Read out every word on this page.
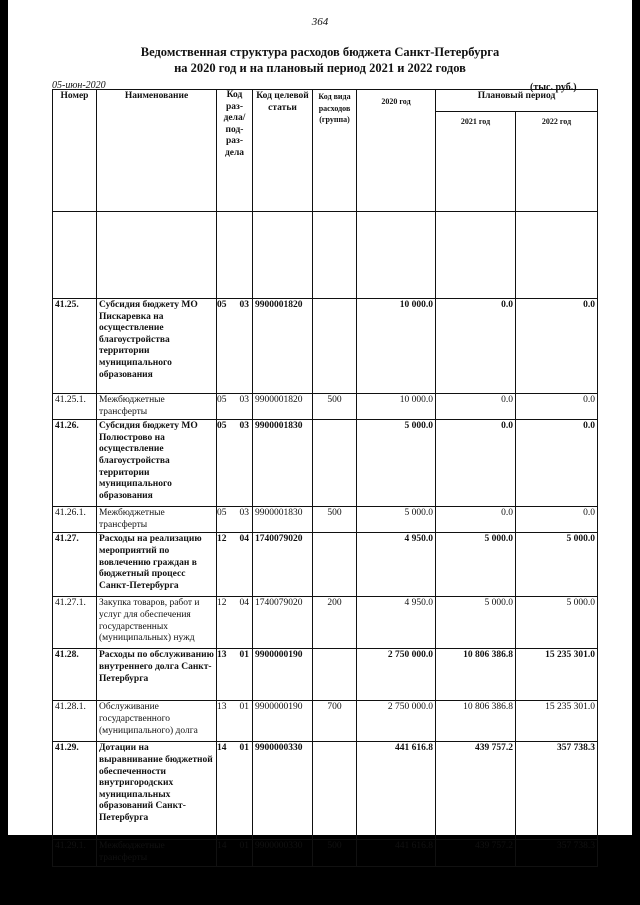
364
Ведомственная структура расходов бюджета Санкт-Петербурга
на 2020 год и на плановый период 2021 и 2022 годов
05-июн-2020	(тыс. руб.)
Номер	Наименование	Код раз- дела/ под- раз- дела	Код целевой статьи	Код вида расходов (группа)	2020 год	Плановый период	
						2021 год	2022 год

41.25.	Субсидия бюджету МО Пискаревка на осуществление благоустройства территории муниципального образования	05 03	9900001820		10 000.0	0.0	0.0
41.25.1.	Межбюджетные трансферты	05 03	9900001820	500	10 000.0	0.0	0.0
41.26.	Субсидия бюджету МО Полюстрово на осуществление благоустройства территории муниципального образования	05 03	9900001830		5 000.0	0.0	0.0
41.26.1.	Межбюджетные трансферты	05 03	9900001830	500	5 000.0	0.0	0.0
41.27.	Расходы на реализацию мероприятий по вовлечению граждан в бюджетный процесс Санкт-Петербурга	12 04	1740079020		4 950.0	5 000.0	5 000.0
41.27.1.	Закупка товаров, работ и услуг для обеспечения государственных (муниципальных) нужд	12 04	1740079020	200	4 950.0	5 000.0	5 000.0
41.28.	Расходы по обслуживанию внутреннего долга Санкт-Петербурга	13 01	9900000190		2 750 000.0	10 806 386.8	15 235 301.0
41.28.1.	Обслуживание государственного (муниципального) долга	13 01	9900000190	700	2 750 000.0	10 806 386.8	15 235 301.0
41.29.	Дотации на выравнивание бюджетной обеспеченности внутригородских муниципальных образований Санкт-Петербурга	14 01	9900000330		441 616.8	439 757.2	357 738.3
41.29.1.	Межбюджетные трансферты	14 01	9900000330	500	441 616.8	439 757.2	357 738.3
